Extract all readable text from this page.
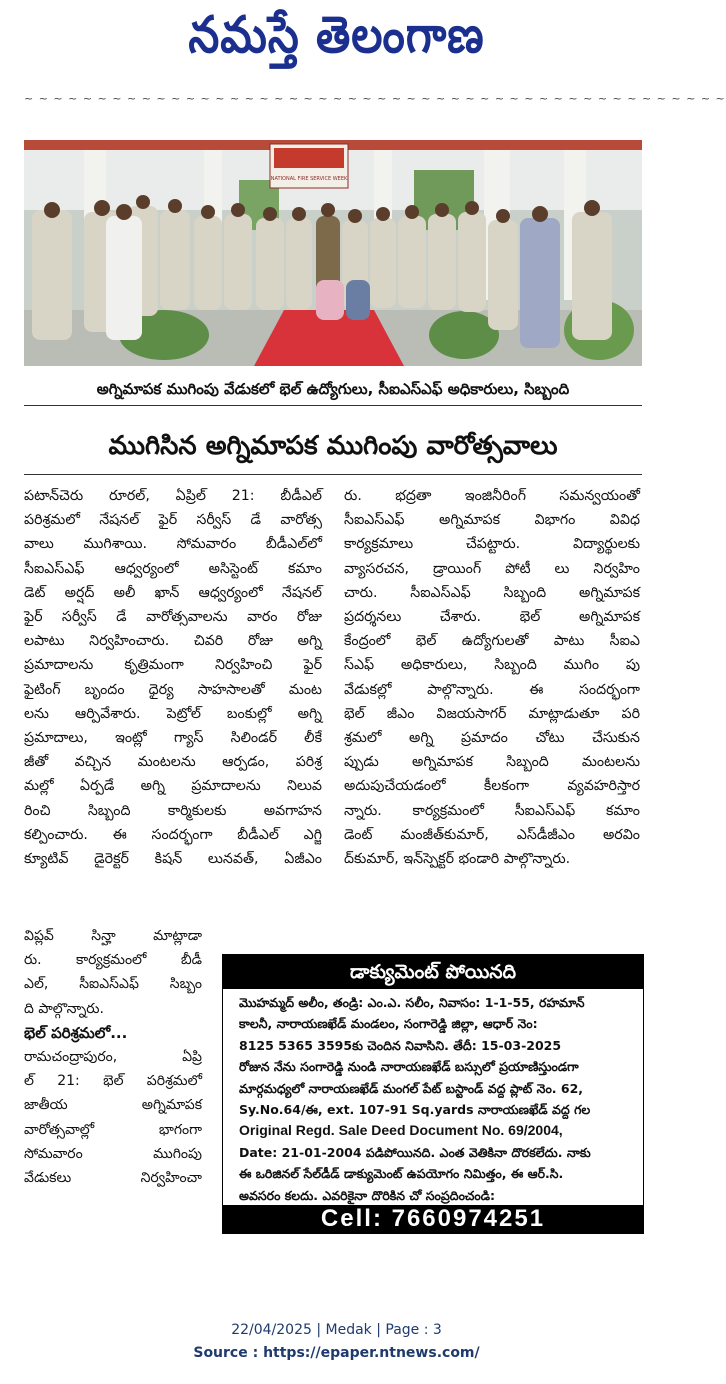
నమస్తే తెలంగాణ
~ ~ ~ ~ ~ ~ ~ ~ ~ ~ ~ ~ ~ ~ ~ ~ ~ ~ ~ ~ ~ ~ ~ ~ ~ ~ ~ ~ ~ ~ ~ ~ ~ ~ ~ ~ ~ ~ ~ ~ ~ ~ ~ ~ ~ ~ ~ ~
NATIONAL FIRE SERVICE WEEK
అగ్నిమాపక ముగింపు వేడుకలో భెల్ ఉద్యోగులు, సీఐఎస్ఎఫ్ అధికారులు, సిబ్బంది
ముగిసిన అగ్నిమాపక ముగింపు వారోత్సవాలు
పటాన్‌చెరు రూరల్, ఏప్రిల్ 21: బీడీఎల్
పరిశ్రమలో నేషనల్ ఫైర్ సర్వీస్ డే వారోత్స
వాలు ముగిశాయి. సోమవారం బీడీఎల్‌లో
సీఐఎస్ఎఫ్ ఆధ్వర్యంలో అసిస్టెంట్ కమాం
డెట్ అర్షద్ అలీ ఖాన్ ఆధ్వర్యంలో నేషనల్
ఫైర్ సర్వీస్ డే వారోత్సవాలను వారం రోజు
లపాటు నిర్వహించారు. చివరి రోజు అగ్ని
ప్రమాదాలను కృత్రిమంగా నిర్వహించి ఫైర్
ఫైటింగ్ బృందం ధైర్య సాహసాలతో మంట
లను ఆర్పివేశారు. పెట్రోల్ బంకుల్లో అగ్ని
ప్రమాదాలు, ఇంట్లో గ్యాస్ సిలిండర్ లీకే
జీతో వచ్చిన మంటలను ఆర్పడం, పరిశ్ర
మల్లో ఏర్పడే అగ్ని ప్రమాదాలను నిలువ
రించి సిబ్బంది కార్మికులకు అవగాహన
కల్పించారు. ఈ సందర్భంగా బీడీఎల్ ఎగ్జి
క్యూటివ్ డైరెక్టర్ కిషన్ లునవత్, ఏజీఎం
విప్లవ్ సిన్హా మాట్లాడా
రు. కార్యక్రమంలో బీడీ
ఎల్, సీఐఎస్ఎఫ్ సిబ్బం
ది పాల్గొన్నారు.
భెల్ పరిశ్రమలో...
రామచంద్రాపురం, ఏప్రి
ల్ 21: భెల్ పరిశ్రమలో
జాతీయ అగ్నిమాపక
వారోత్సవాల్లో భాగంగా
సోమవారం ముగింపు
వేడుకలు నిర్వహించా
రు. భద్రతా ఇంజినీరింగ్ సమన్వయంతో
సీఐఎస్ఎఫ్ అగ్నిమాపక విభాగం వివిధ
కార్యక్రమాలు చేపట్టారు. విద్యార్థులకు
వ్యాసరచన, డ్రాయింగ్ పోటీ లు నిర్వహిం
చారు. సీఐఎస్ఎఫ్ సిబ్బంది అగ్నిమాపక
ప్రదర్శనలు చేశారు. భెల్ అగ్నిమాపక
కేంద్రంలో భెల్ ఉద్యోగులతో పాటు సీఐఎ
స్ఎఫ్ అధికారులు, సిబ్బంది ముగిం పు
వేడుకల్లో పాల్గొన్నారు. ఈ సందర్భంగా
భెల్ జీఎం విజయసాగర్ మాట్లాడుతూ పరి
శ్రమలో అగ్ని ప్రమాదం చోటు చేసుకున
ప్పుడు అగ్నిమాపక సిబ్బంది మంటలను
అదుపుచేయడంలో కీలకంగా వ్యవహరిస్తార
న్నారు. కార్యక్రమంలో సీఐఎస్ఎఫ్ కమాం
డెంట్ మంజీత్‌కుమార్, ఎస్‌డీజీఎం అరవిం
ద్‌కుమార్, ఇన్‌స్పెక్టర్ భండారి పాల్గొన్నారు.
డాక్యుమెంట్ పోయినది
మొహమ్మద్ అలీం, తండ్రి: ఎం.ఎ. సలీం, నివాసం: 1-1-55, రహమాన్
కాలనీ, నారాయణఖేడ్ మండలం, సంగారెడ్డి జిల్లా, ఆధార్ నెం:
8125 5365 3595కు చెందిన నివాసిని. తేదీ: 15-03-2025
రోజున నేను సంగారెడ్డి నుండి నారాయణఖేడ్ బస్సులో ప్రయాణిస్తుండగా
మార్గమధ్యలో నారాయణఖేడ్ మంగల్ పేట్ బస్టాండ్ వద్ద ప్లాట్ నెం. 62,
Sy.No.64/ఈ, ext. 107-91 Sq.yards నారాయణఖేడ్ వద్ద గల
Original Regd. Sale Deed Document No. 69/2004,
Date: 21-01-2004 పడిపోయినది. ఎంత వెతికినా దొరకలేదు. నాకు
ఈ ఒరిజినల్ సేల్‌డీడ్ డాక్యుమెంట్ ఉపయోగం నిమిత్తం, ఈ ఆర్.సి.
అవసరం కలదు. ఎవరికైనా దొరికిన చో సంప్రదించండి:
Cell: 7660974251
22/04/2025 | Medak | Page : 3
Source : https://epaper.ntnews.com/
